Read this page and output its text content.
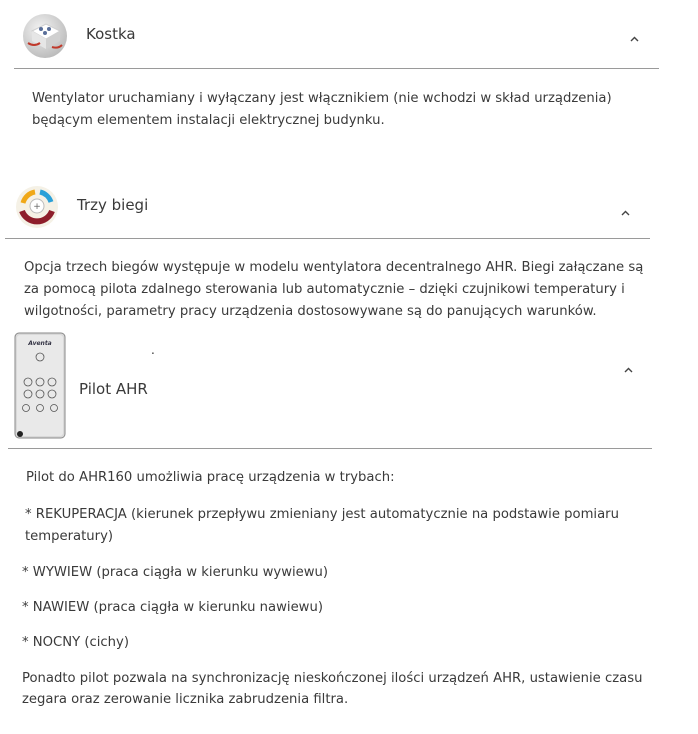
Kostka
Wentylator uruchamiany i wyłączany jest włącznikiem (nie wchodzi w skład urządzenia)
będącym elementem instalacji elektrycznej budynku.
+ Trzy biegi
Opcja trzech biegów występuje w modelu wentylatora decentralnego AHR. Biegi załączane są
za pomocą pilota zdalnego sterowania lub automatycznie – dzięki czujnikowi temperatury i
wilgotności, parametry pracy urządzenia dostosowywane są do panujących warunków.
Aventa	.
Pilot AHR
Pilot do AHR160 umożliwia pracę urządzenia w trybach:
* REKUPERACJA (kierunek przepływu zmieniany jest automatycznie na podstawie pomiaru
temperatury)
* WYWIEW (praca ciągła w kierunku wywiewu)
* NAWIEW (praca ciągła w kierunku nawiewu)
* NOCNY (cichy)
Ponadto pilot pozwala na synchronizację nieskończonej ilości urządzeń AHR, ustawienie czasu
zegara oraz zerowanie licznika zabrudzenia filtra.
